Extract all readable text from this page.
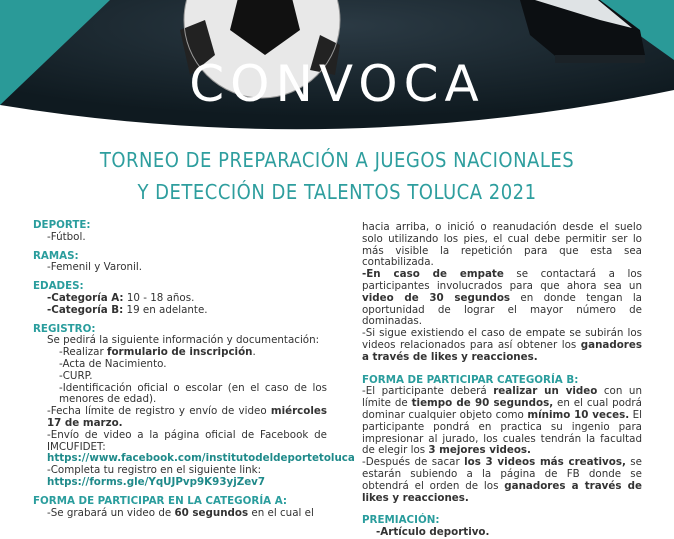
CONVOCA
TORNEO DE PREPARACIÓN A JUEGOS NACIONALES
Y DETECCIÓN DE TALENTOS TOLUCA 2021
DEPORTE:
-Fútbol.
RAMAS:
-Femenil y Varonil.
EDADES:
-Categoría A: 10 - 18 años.
-Categoría B: 19 en adelante.
REGISTRO:
Se pedirá la siguiente información y documentación:
-Realizar formulario de inscripción.
-Acta de Nacimiento.
-CURP.
-Identificación oficial o escolar (en el caso de los menores de edad).
-Fecha límite de registro y envío de video miércoles 17 de marzo.
-Envío de video a la página oficial de Facebook de IMCUFIDET:
https://www.facebook.com/institutodeldeportetoluca
-Completa tu registro en el siguiente link:
https://forms.gle/YqUJPvp9K93yjZev7
FORMA DE PARTICIPAR EN LA CATEGORÍA A:
-Se grabará un video de 60 segundos en el cual el
hacia arriba, o inició o reanudación desde el suelo solo utilizando los pies, el cual debe permitir ser lo más visible la repetición para que esta sea contabilizada.
-En caso de empate se contactará a los participantes involucrados para que ahora sea un video de 30 segundos en donde tengan la oportunidad de lograr el mayor número de dominadas.
-Si sigue existiendo el caso de empate se subirán los videos relacionados para así obtener los ganadores a través de likes y reacciones.
FORMA DE PARTICIPAR CATEGORÍA B:
-El participante deberá realizar un video con un límite de tiempo de 90 segundos, en el cual podrá dominar cualquier objeto como mínimo 10 veces. El participante pondrá en practica su ingenio para impresionar al jurado, los cuales tendrán la facultad de elegir los 3 mejores videos.
-Después de sacar los 3 videos más creativos, se estarán subiendo a la página de FB donde se obtendrá el orden de los ganadores a través de likes y reacciones.
PREMIACIÓN:
-Artículo deportivo.
